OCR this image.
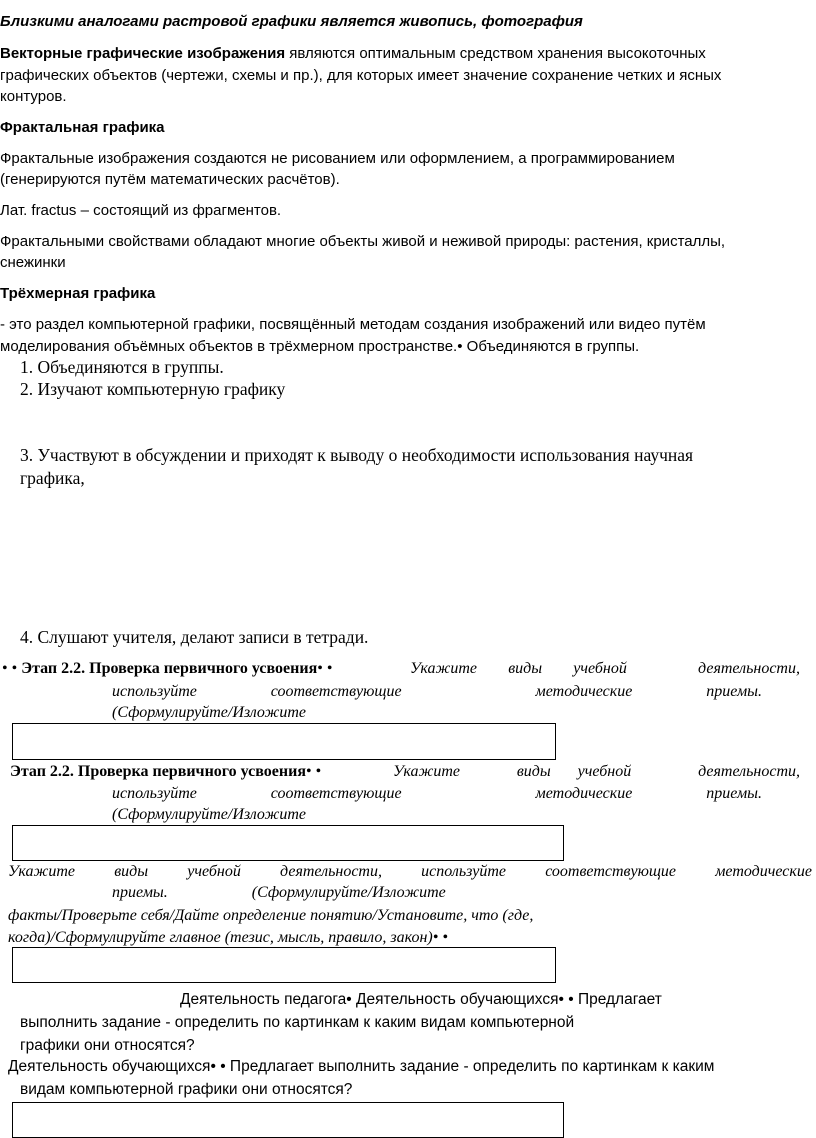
Близкими аналогами растровой графики является живопись, фотография
Векторные графические изображения являются оптимальным средством хранения высокоточных
графических объектов (чертежи, схемы и пр.), для которых имеет значение сохранение четких и ясных
контуров.
Фрактальная графика
Фрактальные изображения создаются не рисованием или оформлением, а программированием
(генерируются путём математических расчётов).
Лат. fractus – состоящий из фрагментов.
Фрактальными свойствами обладают многие объекты живой и неживой природы: растения, кристаллы,
снежинки
Трёхмерная графика
- это раздел компьютерной графики, посвящённый методам создания изображений или видео путём
моделирования объёмных объектов в трёхмерном пространстве.• Объединяются в группы.
1. Объединяются в группы.
2. Изучают компьютерную графику
3. Участвуют в обсуждении и приходят к выводу о необходимости использования научная
графика,
4. Слушают учителя, делают записи в тетради.
• • Этап 2.2. Проверка первичного усвоения• •	Укажите виды учебной	деятельности,
используйте	соответствующие	методические	приемы.
(Сформулируйте/Изложите
Этап 2.2. Проверка первичного усвоения• •	Укажите	виды учебной	деятельности,
используйте	соответствующие	методические	приемы.
(Сформулируйте/Изложите
Укажите виды учебной деятельности, используйте соответствующие методические
приемы.	(Сформулируйте/Изложите
факты/Проверьте себя/Дайте определение понятию/Установите, что (где,
когда)/Сформулируйте главное (тезис, мысль, правило, закон)• •
Деятельность педагога• Деятельность обучающихся• • Предлагает
выполнить задание - определить по картинкам к каким видам компьютерной
графики они относятся?
Деятельность обучающихся• • Предлагает выполнить задание - определить по картинкам к каким
видам компьютерной графики они относятся?
